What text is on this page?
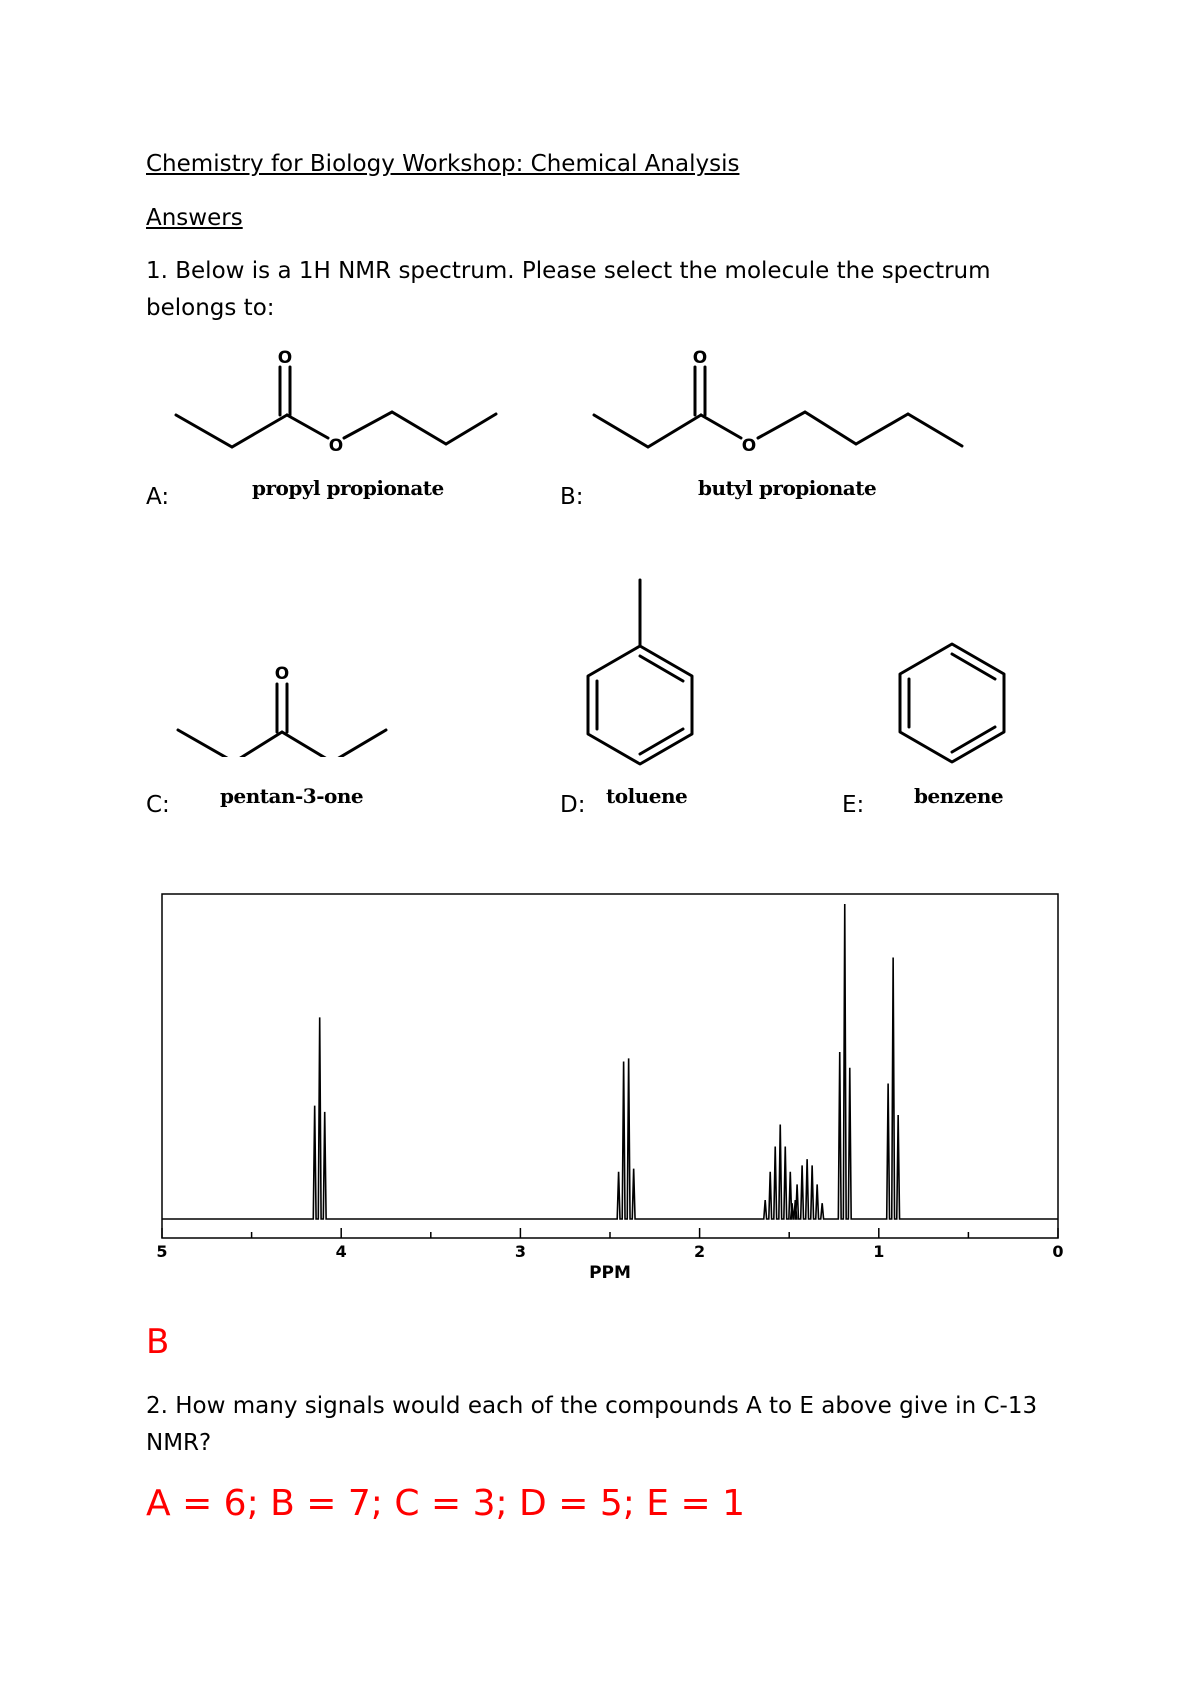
Chemistry for Biology Workshop: Chemical Analysis
Answers
1. Below is a 1H NMR spectrum. Please select the molecule the spectrum
belongs to:
O
O
A:	propyl propionate
O
O
B:	butyl propionate
O
C:	pentan-3-one	D: toluene	E: benzene
5	4	3	2	1	0
PPM
B
2. How many signals would each of the compounds A to E above give in C-13
NMR?
A = 6; B = 7; C = 3; D = 5; E = 1
